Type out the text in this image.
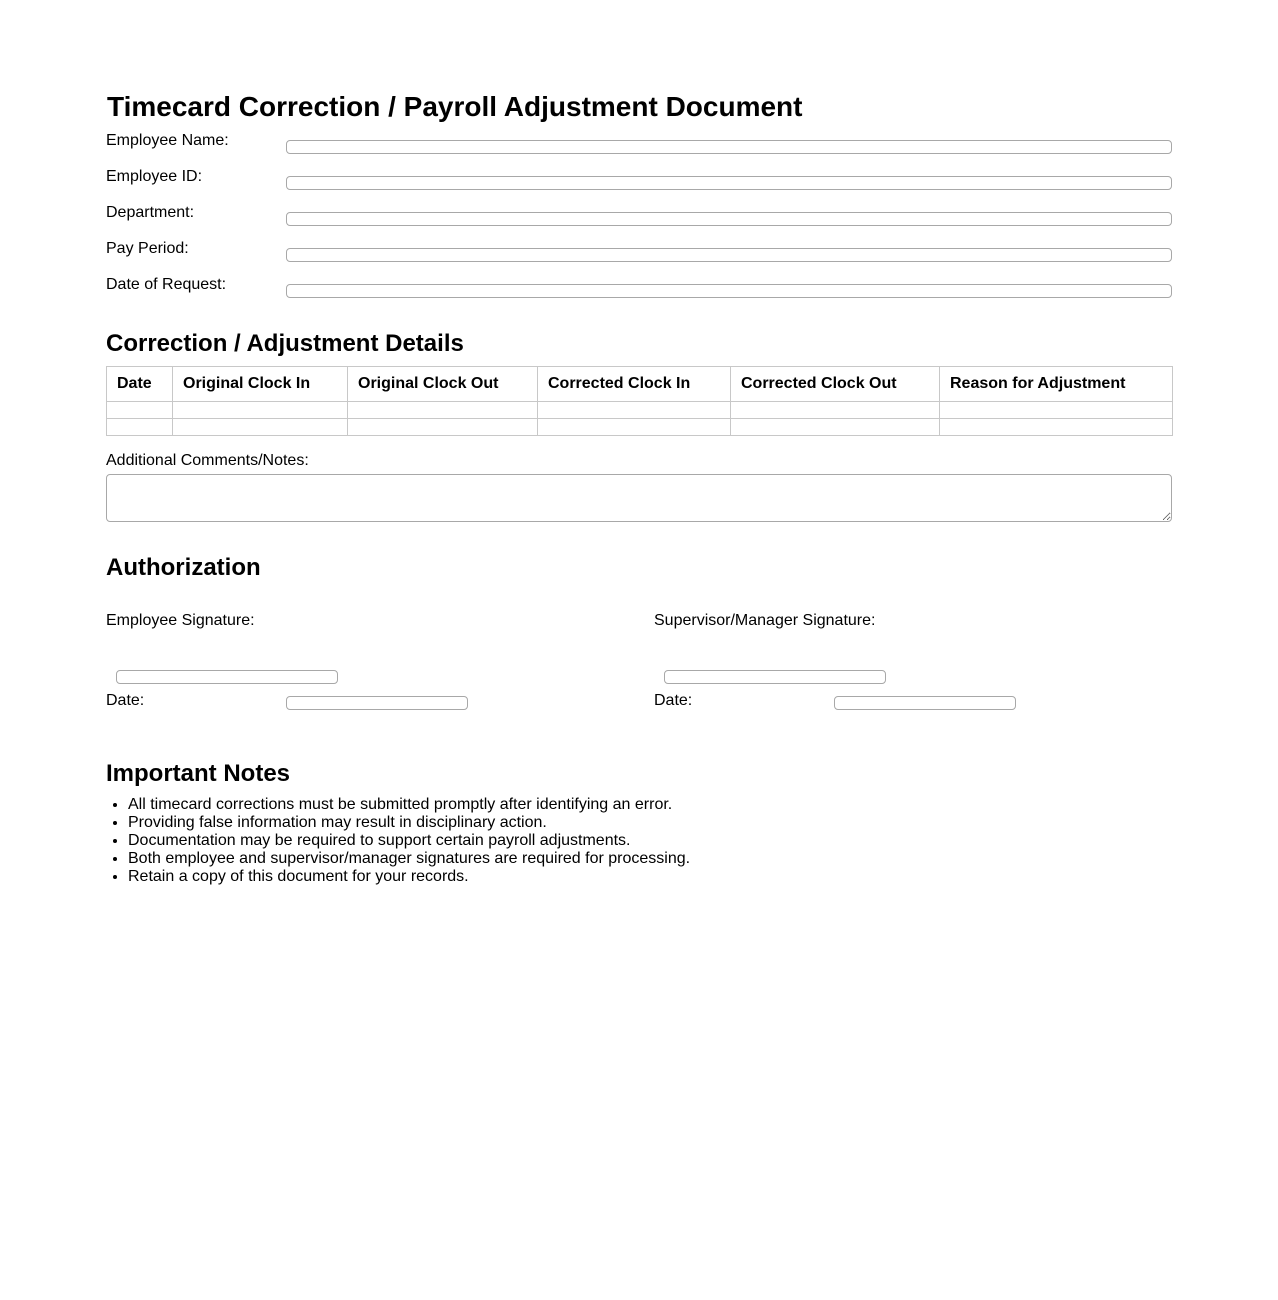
Timecard Correction / Payroll Adjustment Document
Employee Name:
Employee ID:
Department:
Pay Period:
Date of Request:
Correction / Adjustment Details
Date	Original Clock In	Original Clock Out	Corrected Clock In	Corrected Clock Out	Reason for Adjustment

Additional Comments/Notes:
Authorization
Employee Signature:
Date:
Supervisor/Manager Signature:
Date:
Important Notes
• All timecard corrections must be submitted promptly after identifying an error.
• Providing false information may result in disciplinary action.
• Documentation may be required to support certain payroll adjustments.
• Both employee and supervisor/manager signatures are required for processing.
• Retain a copy of this document for your records.
